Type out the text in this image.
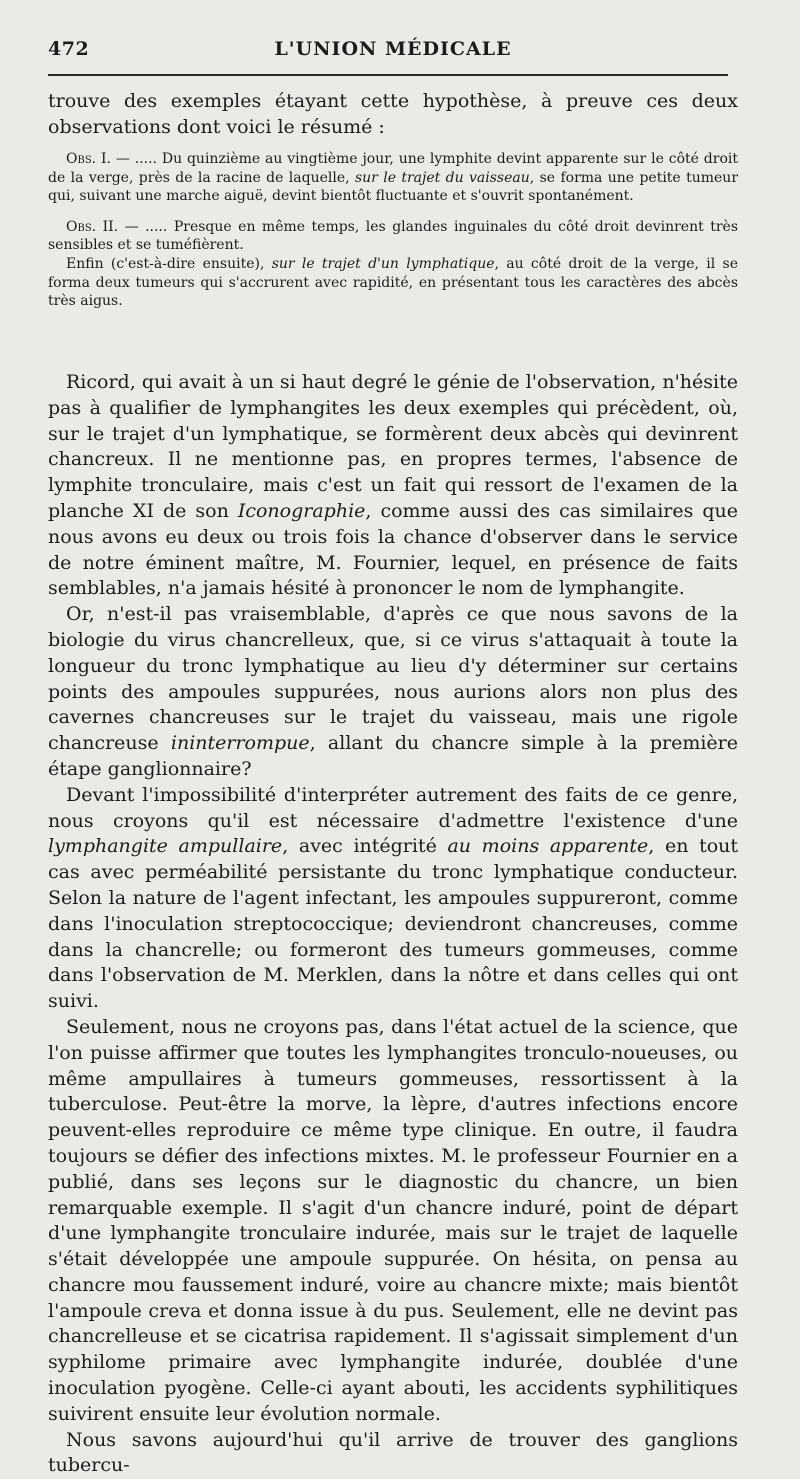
472	L'UNION MÉDICALE
trouve des exemples étayant cette hypothèse, à preuve ces deux observations dont voici le résumé :

Obs. I. — ..... Du quinzième au vingtième jour, une lymphite devint apparente sur le côté droit de la verge, près de la racine de laquelle, sur le trajet du vaisseau, se forma une petite tumeur qui, suivant une marche aiguë, devint bientôt fluctuante et s'ouvrit spontanément.

Obs. II. — ..... Presque en même temps, les glandes inguinales du côté droit devinrent très sensibles et se tuméfièrent.

Enfin (c'est-à-dire ensuite), sur le trajet d'un lymphatique, au côté droit de la verge, il se forma deux tumeurs qui s'accrurent avec rapidité, en présentant tous les caractères des abcès très aigus.

Ricord, qui avait à un si haut degré le génie de l'observation, n'hésite pas à qualifier de lymphangites les deux exemples qui précèdent, où, sur le trajet d'un lymphatique, se formèrent deux abcès qui devinrent chancreux. Il ne mentionne pas, en propres termes, l'absence de lymphite tronculaire, mais c'est un fait qui ressort de l'examen de la planche XI de son Iconographie, comme aussi des cas similaires que nous avons eu deux ou trois fois la chance d'observer dans le service de notre éminent maître, M. Fournier, lequel, en présence de faits semblables, n'a jamais hésité à prononcer le nom de lymphangite.

Or, n'est-il pas vraisemblable, d'après ce que nous savons de la biologie du virus chancrelleux, que, si ce virus s'attaquait à toute la longueur du tronc lymphatique au lieu d'y déterminer sur certains points des ampoules suppurées, nous aurions alors non plus des cavernes chancreuses sur le trajet du vaisseau, mais une rigole chancreuse ininterrompue, allant du chancre simple à la première étape ganglionnaire?

Devant l'impossibilité d'interpréter autrement des faits de ce genre, nous croyons qu'il est nécessaire d'admettre l'existence d'une lymphangite ampullaire, avec intégrité au moins apparente, en tout cas avec perméabilité persistante du tronc lymphatique conducteur. Selon la nature de l'agent infectant, les ampoules suppureront, comme dans l'inoculation streptococcique; deviendront chancreuses, comme dans la chancrelle; ou formeront des tumeurs gommeuses, comme dans l'observation de M. Merklen, dans la nôtre et dans celles qui ont suivi.

Seulement, nous ne croyons pas, dans l'état actuel de la science, que l'on puisse affirmer que toutes les lymphangites tronculo-noueuses, ou même ampullaires à tumeurs gommeuses, ressortissent à la tuberculose. Peut-être la morve, la lèpre, d'autres infections encore peuvent-elles reproduire ce même type clinique. En outre, il faudra toujours se défier des infections mixtes. M. le professeur Fournier en a publié, dans ses leçons sur le diagnostic du chancre, un bien remarquable exemple. Il s'agit d'un chancre induré, point de départ d'une lymphangite tronculaire indurée, mais sur le trajet de laquelle s'était développée une ampoule suppurée. On hésita, on pensa au chancre mou faussement induré, voire au chancre mixte; mais bientôt l'ampoule creva et donna issue à du pus. Seulement, elle ne devint pas chancrelleuse et se cicatrisa rapidement. Il s'agissait simplement d'un syphilome primaire avec lymphangite indurée, doublée d'une inoculation pyogène. Celle-ci ayant abouti, les accidents syphilitiques suivirent ensuite leur évolution normale.

Nous savons aujourd'hui qu'il arrive de trouver des ganglions tubercu-
